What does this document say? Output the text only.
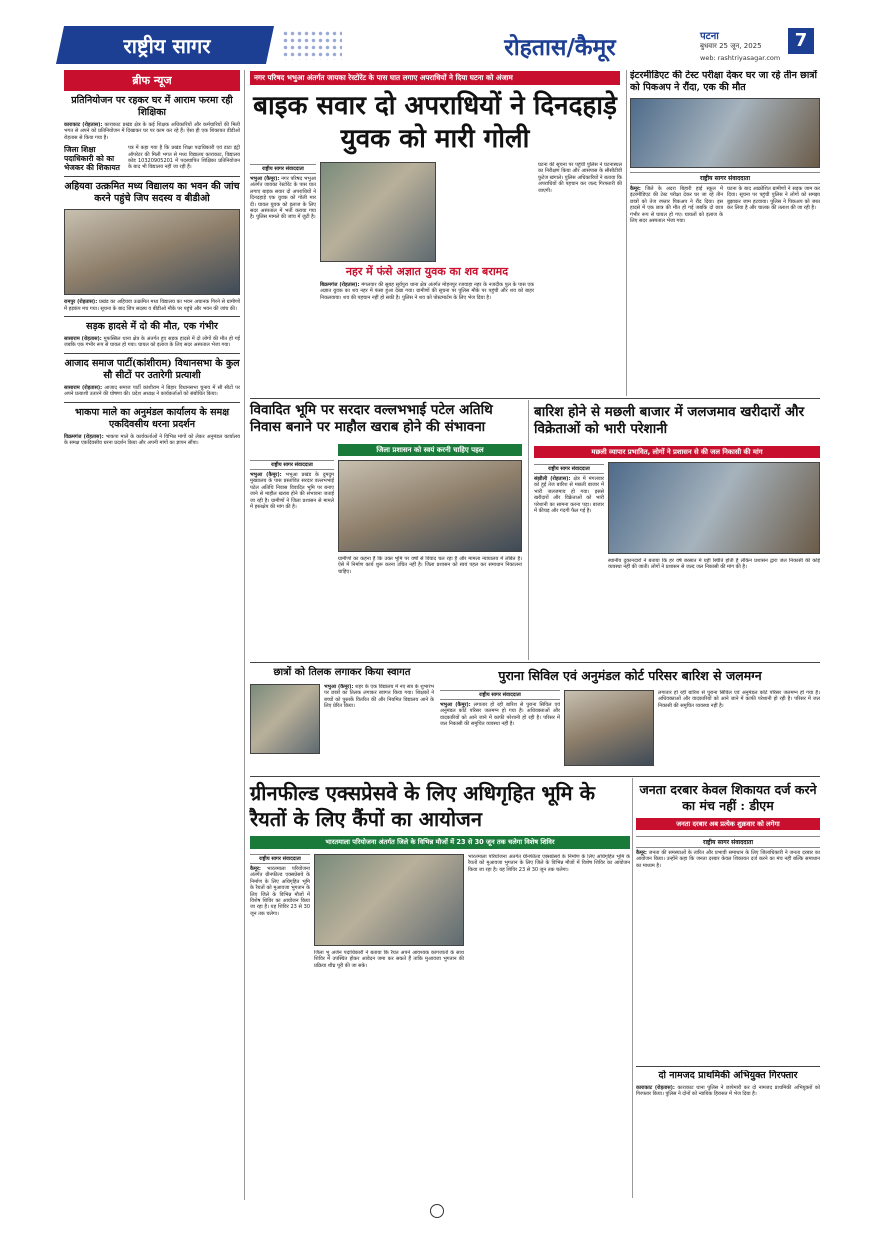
राष्ट्रीय सागर	रोहतास/कैमूर	पटना
बुधवार 25 जून, 2025	7
web: rashtriyasagar.com
ब्रीफ न्यूज
प्रतिनियोजन पर रहकर घर में आराम फरमा रही शिक्षिका
काराकाट (रोहतास): काराकाट प्रखंड क्षेत्र के कई शिक्षक अधिकारियों और कर्मचारियों की मिली भगत से अपने को प्रतिनियोजन में दिखाकर घर पर काम कर रहे हैं। ऐसा ही एक शिकायत डीडीओ रोहतास से किया गया है।
जिला शिक्षा पदाधिकारी को का भेजकर की शिकायत
पत्र में कहा गया है कि प्रखंड शिक्षा पदाधिकारी एवं डाटा इंट्री ऑपरेटर की मिली भगत से मध्य विद्यालय काराकाट, विद्यालय कोड 10320905201 में पदस्थापित शिक्षिका प्रतिनियोजन के बाद भी विद्यालय नहीं जा रही हैं।
अहियवा उत्क्रमित मध्य विद्यालय का भवन की जांच करने पहुंचे जिप सदस्य व बीडीओ
रामपुर (रोहतास): प्रखंड का अहियवा उत्क्रमित मध्य विद्यालय का भवन अचानक गिरने से ग्रामीणों में हड़कंप मच गया। सूचना के बाद जिप सदस्य व बीडीओ मौके पर पहुंचे और भवन की जांच की।
सड़क हादसे में दो की मौत, एक गंभीर
सासाराम (रोहतास): मुफस्सिल थाना क्षेत्र के अंतर्गत हुए सड़क हादसे में दो लोगों की मौत हो गई जबकि एक गंभीर रूप से घायल हो गया। घायल को इलाज के लिए सदर अस्पताल भेजा गया।
आजाद समाज पार्टी(कांशीराम) विधानसभा के कुल सौ सीटों पर उतारेगी प्रत्याशी
सासाराम (रोहतास): आजाद समाज पार्टी कांशीराम ने बिहार विधानसभा चुनाव में सौ सीटों पर अपने प्रत्याशी उतारने की घोषणा की। प्रदेश अध्यक्ष ने कार्यकर्ताओं को संबोधित किया।
भाकपा माले का अनुमंडल कार्यालय के समक्ष एकदिवसीय धरना प्रदर्शन
विक्रमगंज (रोहतास): भाकपा माले के कार्यकर्ताओं ने विभिन्न मांगों को लेकर अनुमंडल कार्यालय के समक्ष एकदिवसीय धरना प्रदर्शन किया और अपनी मांगों का ज्ञापन सौंपा।
नगर परिषद भभुआ अंतर्गत जायका रेस्टोरेंट के पास घात लगाए अपराधियों ने दिया घटना को अंजाम
बाइक सवार दो अपराधियों ने दिनदहाड़े युवक को मारी गोली
राष्ट्रीय सागर संवाददाता
भभुआ (कैमूर): नगर परिषद भभुआ अंतर्गत जायका रेस्टोरेंट के पास घात लगाए बाइक सवार दो अपराधियों ने दिनदहाड़े एक युवक को गोली मार दी। घायल युवक को इलाज के लिए सदर अस्पताल में भर्ती कराया गया है। पुलिस मामले की जांच में जुटी है।
घटना की सूचना पर पहुंची पुलिस ने घटनास्थल का निरीक्षण किया और आसपास के सीसीटीवी फुटेज खंगाले। पुलिस अधिकारियों ने बताया कि अपराधियों की पहचान कर जल्द गिरफ्तारी की जाएगी।
नहर में फंसे अज्ञात युवक का शव बरामद
बिक्रमगंज (रोहतास): मंगलवार की सुबह सूर्यपुरा थाना क्षेत्र अंतर्गत मोहनपुर रजवाहा नहर के नजदीक पुल के पास एक अज्ञात युवक का शव नहर में फंसा हुआ देखा गया। ग्रामीणों की सूचना पर पुलिस मौके पर पहुंची और शव को बाहर निकलवाया। शव की पहचान नहीं हो सकी है। पुलिस ने शव को पोस्टमार्टम के लिए भेज दिया है।
इंटरमीडिएट की टेस्ट परीक्षा देकर घर जा रहे तीन छात्रों को पिकअप ने रौंदा, एक की मौत
राष्ट्रीय सागर संवाददाता
कैमूर: जिले के अदरा बिहारी हाई स्कूल में इंटरमीडिएट की टेस्ट परीक्षा देकर घर जा रहे तीन छात्रों को तेज रफ्तार पिकअप ने रौंद दिया। इस हादसे में एक छात्र की मौत हो गई जबकि दो छात्र गंभीर रूप से घायल हो गए। घायलों को इलाज के लिए सदर अस्पताल भेजा गया।
घटना के बाद आक्रोशित ग्रामीणों ने सड़क जाम कर दिया। सूचना पर पहुंची पुलिस ने लोगों को समझा बुझाकर जाम हटवाया। पुलिस ने पिकअप को जब्त कर लिया है और चालक की तलाश की जा रही है।
विवादित भूमि पर सरदार वल्लभभाई पटेल अतिथि निवास बनाने पर माहौल खराब होने की संभावना
जिला प्रशासन को स्वयं करनी चाहिए पहल
राष्ट्रीय सागर संवाददाता
भभुआ (कैमूर): भभुआ प्रखंड के दुमदुम मुख्यालय के पास प्रस्तावित सरदार वल्लभभाई पटेल अतिथि निवास विवादित भूमि पर बनाए जाने से माहौल खराब होने की संभावना जताई जा रही है। ग्रामीणों ने जिला प्रशासन से मामले में हस्तक्षेप की मांग की है।
ग्रामीणों का कहना है कि उक्त भूमि पर वर्षों से विवाद चल रहा है और मामला न्यायालय में लंबित है। ऐसे में निर्माण कार्य शुरू करना उचित नहीं है। जिला प्रशासन को स्वयं पहल कर समाधान निकालना चाहिए।
बारिश होने से मछली बाजार में जलजमाव खरीदारों और विक्रेताओं को भारी परेशानी
मछली व्यापार प्रभावित, लोगों ने प्रशासन से की जल निकासी की मांग
राष्ट्रीय सागर संवाददाता
संझौली (रोहतास): क्षेत्र में मंगलवार को हुई तेज बारिश से मछली बाजार में भारी जलजमाव हो गया। इससे खरीदारों और विक्रेताओं को भारी परेशानी का सामना करना पड़ा। बाजार में कीचड़ और गंदगी फैल गई है।
स्थानीय दुकानदारों ने बताया कि हर वर्ष बरसात में यही स्थिति होती है लेकिन प्रशासन द्वारा जल निकासी की कोई व्यवस्था नहीं की जाती। लोगों ने प्रशासन से जल्द जल निकासी की मांग की है।
छात्रों को तिलक लगाकर किया स्वागत
भभुआ (कैमूर): शहर के एक विद्यालय में नए सत्र के शुभारंभ पर छात्रों का तिलक लगाकर स्वागत किया गया। शिक्षकों ने बच्चों को पुस्तकें वितरित कीं और नियमित विद्यालय आने के लिए प्रेरित किया।
पुराना सिविल एवं अनुमंडल कोर्ट परिसर बारिश से जलमग्न
राष्ट्रीय सागर संवाददाता
भभुआ (कैमूर): लगातार हो रही बारिश से पुराना सिविल एवं अनुमंडल कोर्ट परिसर जलमग्न हो गया है। अधिवक्ताओं और वादकारियों को आने जाने में काफी परेशानी हो रही है। परिसर में जल निकासी की समुचित व्यवस्था नहीं है।
लगातार हो रही बारिश से पुराना सिविल एवं अनुमंडल कोर्ट परिसर जलमग्न हो गया है। अधिवक्ताओं और वादकारियों को आने जाने में काफी परेशानी हो रही है। परिसर में जल निकासी की समुचित व्यवस्था नहीं है।
ग्रीनफील्ड एक्सप्रेसवे के लिए अधिगृहित भूमि के रैयतों के लिए कैंपों का आयोजन
भारतमाला परियोजना अंतर्गत जिले के विभिन्न मौजों में 23 से 30 जून तक चलेगा विशेष शिविर
राष्ट्रीय सागर संवाददाता
कैमूर: भारतमाला परियोजना अंतर्गत ग्रीनफील्ड एक्सप्रेसवे के निर्माण के लिए अधिगृहित भूमि के रैयतों को मुआवजा भुगतान के लिए जिले के विभिन्न मौजों में विशेष शिविर का आयोजन किया जा रहा है। यह शिविर 23 से 30 जून तक चलेगा।
जिला भू अर्जन पदाधिकारी ने बताया कि रैयत अपने आवश्यक कागजातों के साथ शिविर में उपस्थित होकर आवेदन जमा कर सकते हैं ताकि मुआवजा भुगतान की प्रक्रिया शीघ्र पूरी की जा सके।
भारतमाला परियोजना अंतर्गत ग्रीनफील्ड एक्सप्रेसवे के निर्माण के लिए अधिगृहित भूमि के रैयतों को मुआवजा भुगतान के लिए जिले के विभिन्न मौजों में विशेष शिविर का आयोजन किया जा रहा है। यह शिविर 23 से 30 जून तक चलेगा।
जनता दरबार केवल शिकायत दर्ज करने का मंच नहीं : डीएम
जनता दरबार अब प्रत्येक शुक्रवार को लगेगा
राष्ट्रीय सागर संवाददाता
कैमूर: जनता की समस्याओं के त्वरित और प्रभावी समाधान के लिए जिलाधिकारी ने जनता दरबार का आयोजन किया। उन्होंने कहा कि जनता दरबार केवल शिकायत दर्ज करने का मंच नहीं बल्कि समाधान का माध्यम है।
दो नामजद प्राथमिकी अभियुक्त गिरफ्तार
काराकाट (रोहतास): काराकाट थाना पुलिस ने छापेमारी कर दो नामजद प्राथमिकी अभियुक्तों को गिरफ्तार किया। पुलिस ने दोनों को न्यायिक हिरासत में भेज दिया है।
